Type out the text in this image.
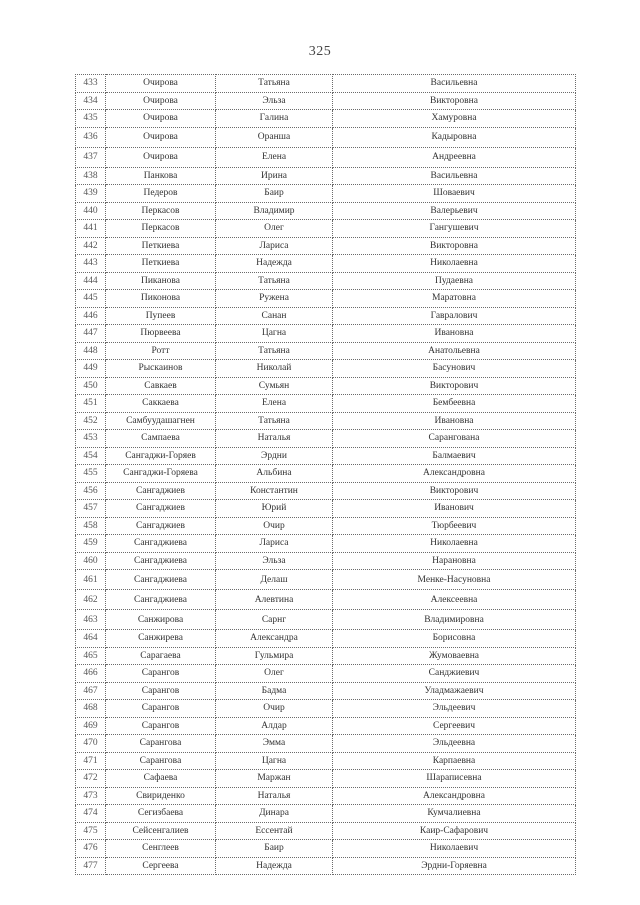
325
433	Очирова	Татьяна	Васильевна
434	Очирова	Эльза	Викторовна
435	Очирова	Галина	Хамуровна
436	Очирова	Оранша	Кадыровна
437	Очирова	Елена	Андреевна
438	Панкова	Ирина	Васильевна
439	Педеров	Баир	Шоваевич
440	Перкасов	Владимир	Валерьевич
441	Перкасов	Олег	Гангушевич
442	Петкиева	Лариса	Викторовна
443	Петкиева	Надежда	Николаевна
444	Пиканова	Татьяна	Пудаевна
445	Пиконова	Ружена	Маратовна
446	Пупеев	Санан	Гавралович
447	Пюрвеева	Цагна	Ивановна
448	Ротт	Татьяна	Анатольевна
449	Рыскаинов	Николай	Басунович
450	Савкаев	Сумьян	Викторович
451	Саккаева	Елена	Бембеевна
452	Самбуудашагнен	Татьяна	Ивановна
453	Сампаева	Наталья	Сарангована
454	Сангаджи-Горяев	Эрдни	Балмаевич
455	Сангаджи-Горяева	Альбина	Александровна
456	Сангаджиев	Константин	Викторович
457	Сангаджиев	Юрий	Иванович
458	Сангаджиев	Очир	Тюрбеевич
459	Сангаджиева	Лариса	Николаевна
460	Сангаджиева	Эльза	Нарановна
461	Сангаджиева	Делаш	Менке-Насуновна
462	Сангаджиева	Алевтина	Алексеевна
463	Санжирова	Сарнг	Владимировна
464	Санжирева	Александра	Борисовна
465	Сарагаева	Гульмира	Жумоваевна
466	Сарангов	Олег	Санджиевич
467	Сарангов	Бадма	Уладмажаевич
468	Сарангов	Очир	Эльдеевич
469	Сарангов	Алдар	Сергеевич
470	Саранговa	Эмма	Эльдеевна
471	Саранговa	Цагна	Карпаевна
472	Сафаева	Маржан	Шараписевна
473	Свириденко	Наталья	Александровна
474	Сегизбаева	Динара	Кумчалиевна
475	Сейсенгалиев	Ессентай	Каир-Сафарович
476	Сенглеев	Баир	Николаевич
477	Сергеева	Надежда	Эрдни-Горяевна
